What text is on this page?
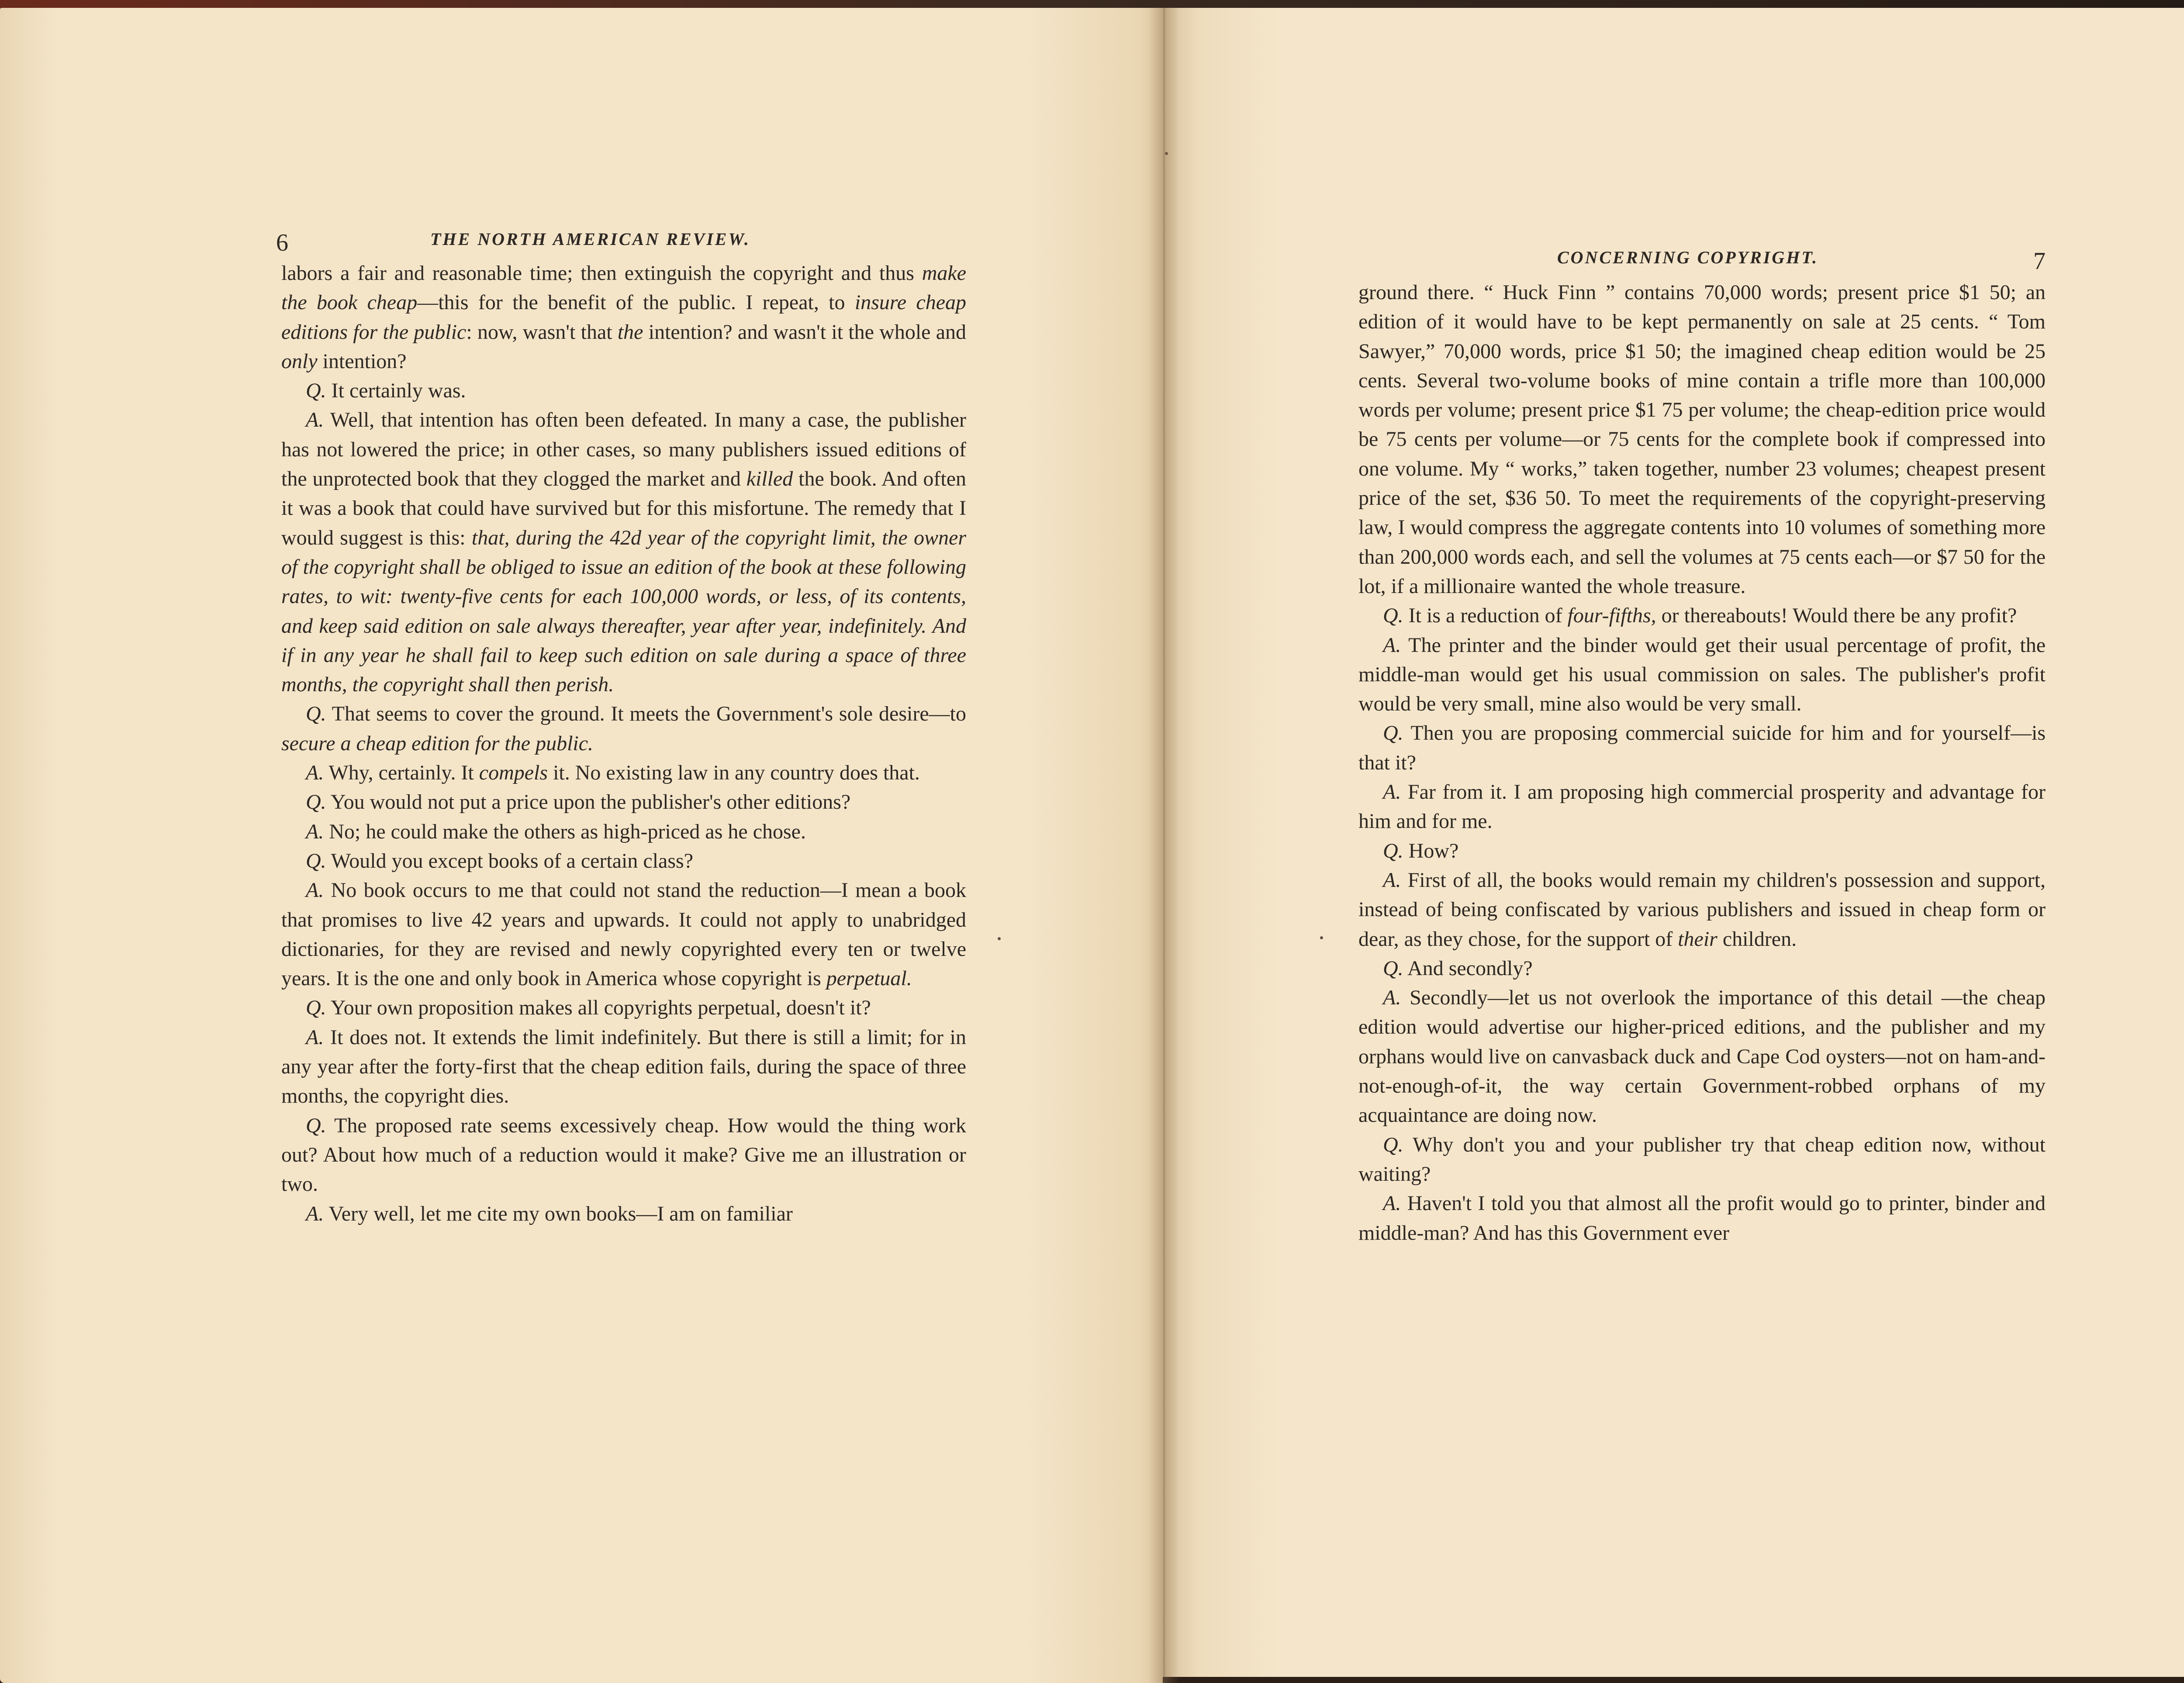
6	THE NORTH AMERICAN REVIEW.

labors a fair and reasonable time; then extinguish the copyright and thus make the book cheap—this for the benefit of the public. I repeat, to insure cheap editions for the public: now, wasn't that the intention? and wasn't it the whole and only intention?

Q. It certainly was.

A. Well, that intention has often been defeated. In many a case, the publisher has not lowered the price; in other cases, so many publishers issued editions of the unprotected book that they clogged the market and killed the book. And often it was a book that could have survived but for this misfortune. The remedy that I would suggest is this: that, during the 42d year of the copyright limit, the owner of the copyright shall be obliged to issue an edition of the book at these following rates, to wit: twenty-five cents for each 100,000 words, or less, of its contents, and keep said edition on sale always thereafter, year after year, indefinitely. And if in any year he shall fail to keep such edition on sale during a space of three months, the copyright shall then perish.

Q. That seems to cover the ground. It meets the Government's sole desire—to secure a cheap edition for the public.

A. Why, certainly. It compels it. No existing law in any country does that.

Q. You would not put a price upon the publisher's other editions?

A. No; he could make the others as high-priced as he chose.

Q. Would you except books of a certain class?

A. No book occurs to me that could not stand the reduction—I mean a book that promises to live 42 years and upwards. It could not apply to unabridged dictionaries, for they are revised and newly copyrighted every ten or twelve years. It is the one and only book in America whose copyright is perpetual.

Q. Your own proposition makes all copyrights perpetual, doesn't it?

A. It does not. It extends the limit indefinitely. But there is still a limit; for in any year after the forty-first that the cheap edition fails, during the space of three months, the copyright dies.

Q. The proposed rate seems excessively cheap. How would the thing work out? About how much of a reduction would it make? Give me an illustration or two.

A. Very well, let me cite my own books—I am on familiar

CONCERNING COPYRIGHT.	7

ground there. “ Huck Finn ” contains 70,000 words; present price $1 50; an edition of it would have to be kept permanently on sale at 25 cents. “ Tom Sawyer,” 70,000 words, price $1 50; the imagined cheap edition would be 25 cents. Several two-volume books of mine contain a trifle more than 100,000 words per volume; present price $1 75 per volume; the cheap-edition price would be 75 cents per volume—or 75 cents for the complete book if compressed into one volume. My “ works,” taken together, number 23 volumes; cheapest present price of the set, $36 50. To meet the requirements of the copyright-preserving law, I would compress the aggregate contents into 10 volumes of something more than 200,000 words each, and sell the volumes at 75 cents each—or $7 50 for the lot, if a millionaire wanted the whole treasure.

Q. It is a reduction of four-fifths, or thereabouts! Would there be any profit?

A. The printer and the binder would get their usual percentage of profit, the middle-man would get his usual commission on sales. The publisher's profit would be very small, mine also would be very small.

Q. Then you are proposing commercial suicide for him and for yourself—is that it?

A. Far from it. I am proposing high commercial prosperity and advantage for him and for me.

Q. How?

A. First of all, the books would remain my children's possession and support, instead of being confiscated by various publishers and issued in cheap form or dear, as they chose, for the support of their children.

Q. And secondly?

A. Secondly—let us not overlook the importance of this detail —the cheap edition would advertise our higher-priced editions, and the publisher and my orphans would live on canvasback duck and Cape Cod oysters—not on ham-and-not-enough-of-it, the way certain Government-robbed orphans of my acquaintance are doing now.

Q. Why don't you and your publisher try that cheap edition now, without waiting?

A. Haven't I told you that almost all the profit would go to printer, binder and middle-man? And has this Government ever
